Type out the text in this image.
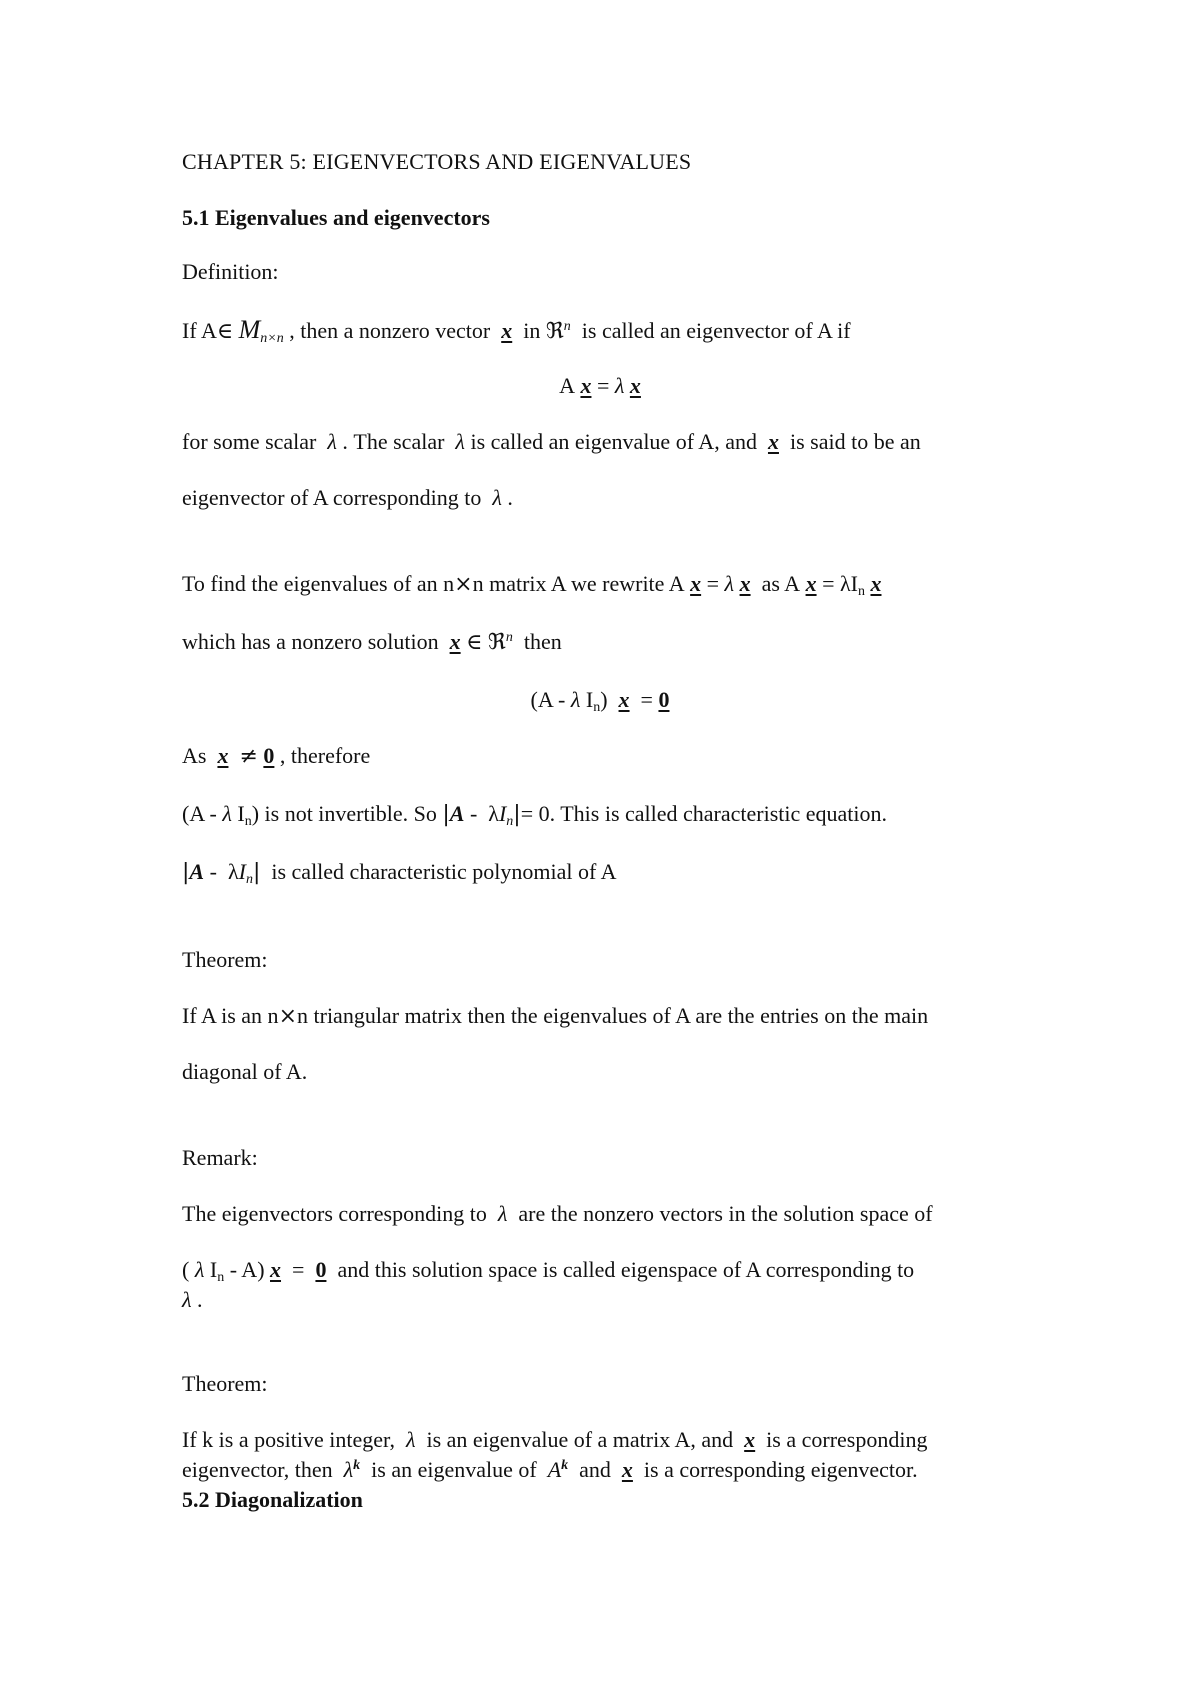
CHAPTER 5: EIGENVECTORS AND EIGENVALUES
5.1 Eigenvalues and eigenvectors
Definition:
If A∈ $M_{n\times n}$ , then a nonzero vector x in ℜ$^n$ is called an eigenvector of A if
A x = λ x
for some scalar λ . The scalar λ is called an eigenvalue of A, and x is said to be an
eigenvector of A corresponding to λ .
To find the eigenvalues of an n×n matrix A we rewrite A x = λ x as A $x = \lambda I_n$ x
which has a nonzero solution x ∈ ℜ$^n$ then
(A - λ $I_n$) x = 0
As x ≠ 0 , therefore
(A - λ $I_n$) is not invertible. So $|A - \lambda I_n|= 0$. This is called characteristic equation.
$|A - \lambda I_n|$ is called characteristic polynomial of A
Theorem:
If A is an n×n triangular matrix then the eigenvalues of A are the entries on the main
diagonal of A.
Remark:
The eigenvectors corresponding to λ are the nonzero vectors in the solution space of
( λ $I_n - A$) x = 0 and this solution space is called eigenspace of A corresponding to
λ .
Theorem:
If k is a positive integer, λ is an eigenvalue of a matrix A, and x is a corresponding
eigenvector, then $\lambda^k$ is an eigenvalue of $A^k$ and x is a corresponding eigenvector.
5.2 Diagonalization
